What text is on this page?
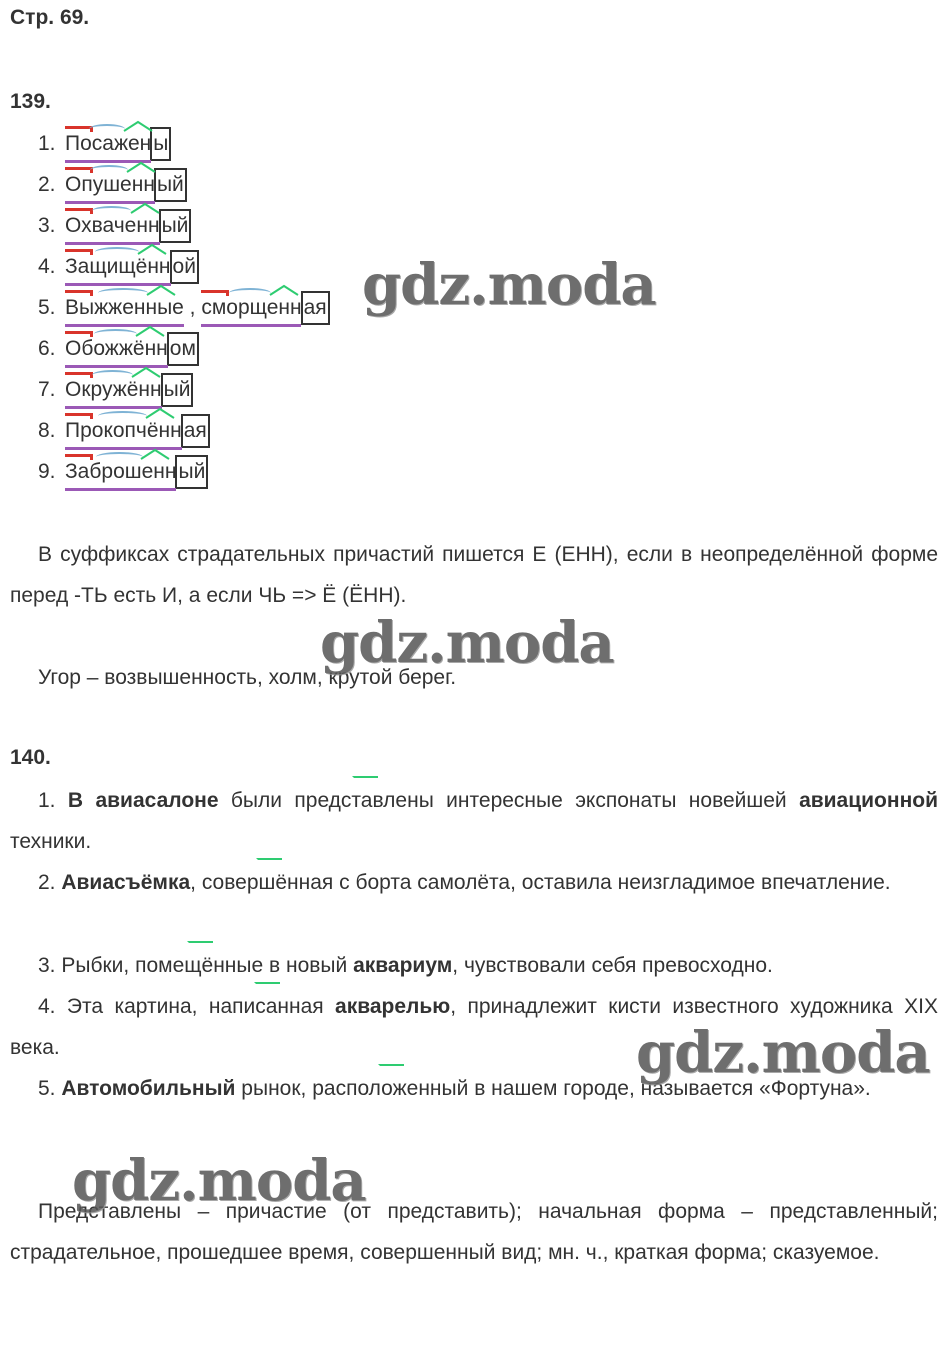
Стр. 69.
139.
1. Посажены
2. Опушенный
3. Охваченный
4. Защищённой
5. Выжженные
,
сморщенная
6. Обожжённом
7. Окружённый
8. Прокопчённая
9. Заброшенный
В суффиксах страдательных причастий пишется Е (ЕНН), если в неопределённой форме перед -ТЬ есть И, а если ЧЬ => Ё (ЁНН).
Угор – возвышенность, холм, крутой берег.
140.
1. В авиасалоне были представлены интересные экспонаты новейшей авиационной техники.
2. Авиасъёмка, совершённая с борта самолёта, оставила неизгладимое впечатление.
3. Рыбки, помещённые в новый аквариум, чувствовали себя превосходно.
4. Эта картина, написанная акварелью, принадлежит кисти известного художника XIX века.
5. Автомобильный рынок, расположенный в нашем городе, называется «Фортуна».
Представлены – причастие (от представить); начальная форма – представленный; страдательное, прошедшее время, совершенный вид; мн. ч., краткая форма; сказуемое.
gdz.moda
gdz.moda
gdz.moda
gdz.moda
